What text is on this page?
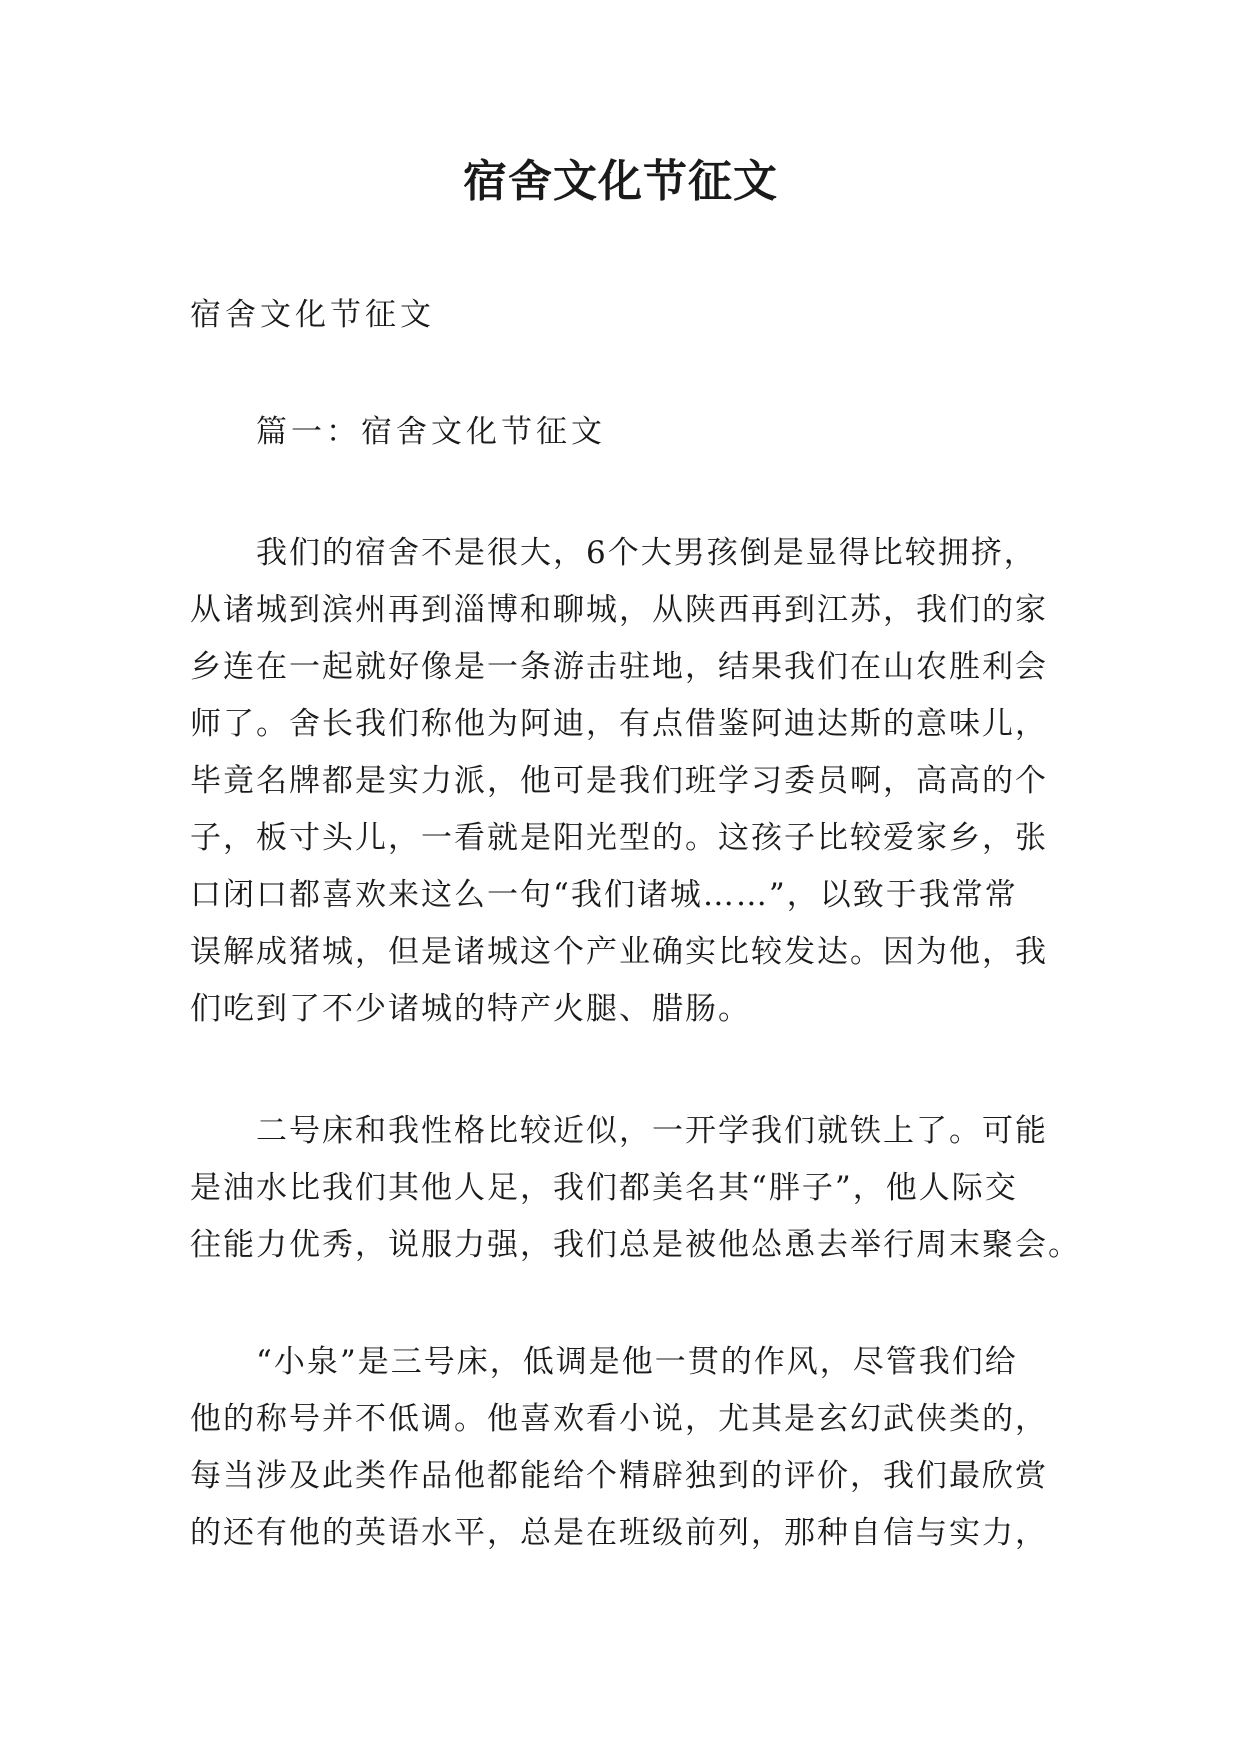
宿舍文化节征文

宿舍文化节征文

篇一：宿舍文化节征文

我们的宿舍不是很大，6个大男孩倒是显得比较拥挤，
从诸城到滨州再到淄博和聊城，从陕西再到江苏，我们的家
乡连在一起就好像是一条游击驻地，结果我们在山农胜利会
师了。舍长我们称他为阿迪，有点借鉴阿迪达斯的意味儿，
毕竟名牌都是实力派，他可是我们班学习委员啊，高高的个
子，板寸头儿，一看就是阳光型的。这孩子比较爱家乡，张
口闭口都喜欢来这么一句“我们诸城……”，以致于我常常
误解成猪城，但是诸城这个产业确实比较发达。因为他，我
们吃到了不少诸城的特产火腿、腊肠。

二号床和我性格比较近似，一开学我们就铁上了。可能
是油水比我们其他人足，我们都美名其“胖子”，他人际交
往能力优秀，说服力强，我们总是被他怂恿去举行周末聚会。

“小泉”是三号床，低调是他一贯的作风，尽管我们给
他的称号并不低调。他喜欢看小说，尤其是玄幻武侠类的，
每当涉及此类作品他都能给个精辟独到的评价，我们最欣赏
的还有他的英语水平，总是在班级前列，那种自信与实力，
